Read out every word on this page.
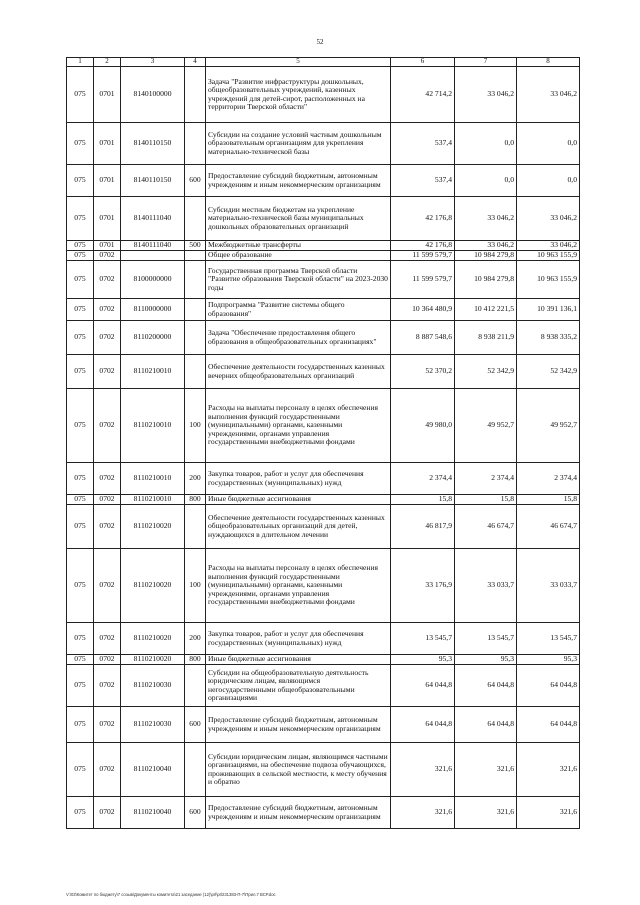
52
1	2	3	4	5	6	7	8
075	0701	8140100000		Задача "Развитие инфраструктуры дошкольных, общеобразовательных учреждений, казенных учреждений для детей-сирот, расположенных на территории Тверской области"	42 714,2	33 046,2	33 046,2
075	0701	8140110150		Субсидии на создание условий частным дошкольным образовательным организациям для укрепления материально-технической базы	537,4	0,0	0,0
075	0701	8140110150	600	Предоставление субсидий бюджетным, автономным учреждениям и иным некоммерческим организациям	537,4	0,0	0,0
075	0701	8140111040		Субсидии местным бюджетам на укрепление материально-технической базы муниципальных дошкольных образовательных организаций	42 176,8	33 046,2	33 046,2
075	0701	8140111040	500	Межбюджетные трансферты	42 176,8	33 046,2	33 046,2
075	0702			Общее образование	11 599 579,7	10 984 279,8	10 963 155,9
075	0702	8100000000		Государственная программа Тверской области "Развитие образования Тверской области" на 2023-2030 годы	11 599 579,7	10 984 279,8	10 963 155,9
075	0702	8110000000		Подпрограмма "Развитие системы общего образования"	10 364 480,9	10 412 221,5	10 391 136,1
075	0702	8110200000		Задача "Обеспечение предоставления общего образования в общеобразовательных организациях"	8 887 548,6	8 938 211,9	8 938 335,2
075	0702	8110210010		Обеспечение деятельности государственных казенных вечерних общеобразовательных организаций	52 370,2	52 342,9	52 342,9
075	0702	8110210010	100	Расходы на выплаты персоналу в целях обеспечения выполнения функций государственными (муниципальными) органами, казенными учреждениями, органами управления государственными внебюджетными фондами	49 980,0	49 952,7	49 952,7
075	0702	8110210010	200	Закупка товаров, работ и услуг для обеспечения государственных (муниципальных) нужд	2 374,4	2 374,4	2 374,4
075	0702	8110210010	800	Иные бюджетные ассигнования	15,8	15,8	15,8
075	0702	8110210020		Обеспечение деятельности государственных казенных общеобразовательных организаций для детей, нуждающихся в длительном лечении	46 817,9	46 674,7	46 674,7
075	0702	8110210020	100	Расходы на выплаты персоналу в целях обеспечения выполнения функций государственными (муниципальными) органами, казенными учреждениями, органами управления государственными внебюджетными фондами	33 176,9	33 033,7	33 033,7
075	0702	8110210020	200	Закупка товаров, работ и услуг для обеспечения государственных (муниципальных) нужд	13 545,7	13 545,7	13 545,7
075	0702	8110210020	800	Иные бюджетные ассигнования	95,3	95,3	95,3
075	0702	8110210030		Субсидии на общеобразовательную деятельность юридическим лицам, являющимся негосударственными общеобразовательными организациями	64 044,8	64 044,8	64 044,8
075	0702	8110210030	600	Предоставление субсидий бюджетным, автономным учреждениям и иным некоммерческим организациям	64 044,8	64 044,8	64 044,8
075	0702	8110210040		Субсидии юридическим лицам, являющимся частными организациями, на обеспечение подвоза обучающихся, проживающих в сельской местности, к месту обучения и обратно	321,6	321,6	321,6
075	0702	8110210040	600	Предоставление субсидий бюджетным, автономным учреждениям и иным некоммерческим организациям	321,6	321,6	321,6
V:\03\Комитет по бюджету\7 созыв\Документы комитета\21 заседание (12)\prl\prl231383-П-7\Прил.7 ВСР.doc
